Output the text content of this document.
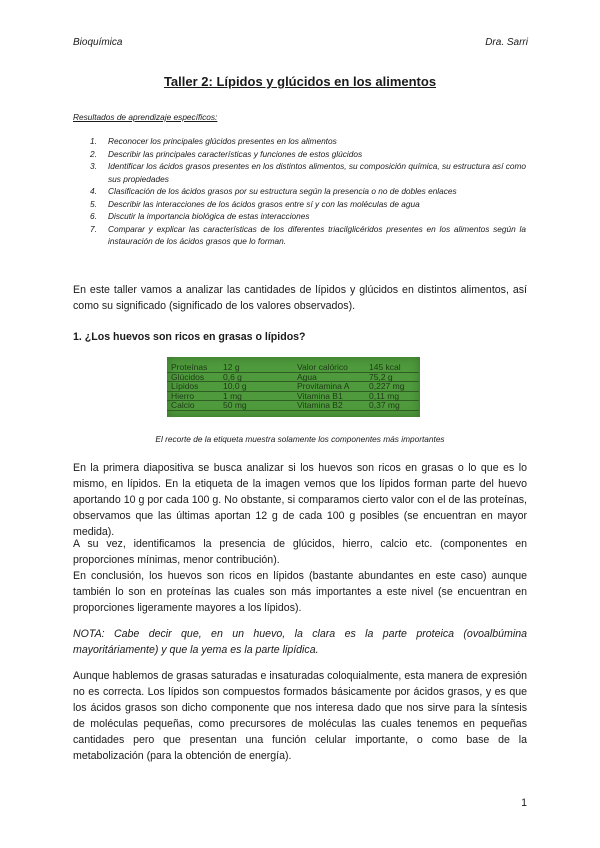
Bioquímica	Dra. Sarri
Taller 2: Lípidos y glúcidos en los alimentos
Resultados de aprendizaje específicos:
1. Reconocer los principales glúcidos presentes en los alimentos
2. Describir las principales características y funciones de estos glúcidos
3. Identificar los ácidos grasos presentes en los distintos alimentos, su composición química, su estructura así como sus propiedades
4. Clasificación de los ácidos grasos por su estructura según la presencia o no de dobles enlaces
5. Describir las interacciones de los ácidos grasos entre sí y con las moléculas de agua
6. Discutir la importancia biológica de estas interacciones
7. Comparar y explicar las características de los diferentes triacilglicéridos presentes en los alimentos según la instauración de los ácidos grasos que lo forman.

En este taller vamos a analizar las cantidades de lípidos y glúcidos en distintos alimentos, así como su significado (significado de los valores observados).

1. ¿Los huevos son ricos en grasas o lípidos?
Proteínas	12 g	Valor calórico	145 kcal
Glúcidos	0,6 g	Agua	75,2 g
Lípidos	10,0 g	Provitamina A	0,227 mg
Hierro	1 mg	Vitamina B1	0,11 mg
Calcio	50 mg	Vitamina B2	0,37 mg
El recorte de la etiqueta muestra solamente los componentes más importantes

En la primera diapositiva se busca analizar si los huevos son ricos en grasas o lo que es lo mismo, en lípidos. En la etiqueta de la imagen vemos que los lípidos forman parte del huevo aportando 10 g por cada 100 g. No obstante, si comparamos cierto valor con el de las proteínas, observamos que las últimas aportan 12 g de cada 100 g posibles (se encuentran en mayor medida).

A su vez, identificamos la presencia de glúcidos, hierro, calcio etc. (componentes en proporciones mínimas, menor contribución).

En conclusión, los huevos son ricos en lípidos (bastante abundantes en este caso) aunque también lo son en proteínas las cuales son más importantes a este nivel (se encuentran en proporciones ligeramente mayores a los lípidos).

NOTA: Cabe decir que, en un huevo, la clara es la parte proteica (ovoalbúmina mayoritáriamente) y que la yema es la parte lipídica.

Aunque hablemos de grasas saturadas e insaturadas coloquialmente, esta manera de expresión no es correcta. Los lípidos son compuestos formados básicamente por ácidos grasos, y es que los ácidos grasos son dicho componente que nos interesa dado que nos sirve para la síntesis de moléculas pequeñas, como precursores de moléculas las cuales tenemos en pequeñas cantidades pero que presentan una función celular importante, o como base de la metabolización (para la obtención de energía).

1
